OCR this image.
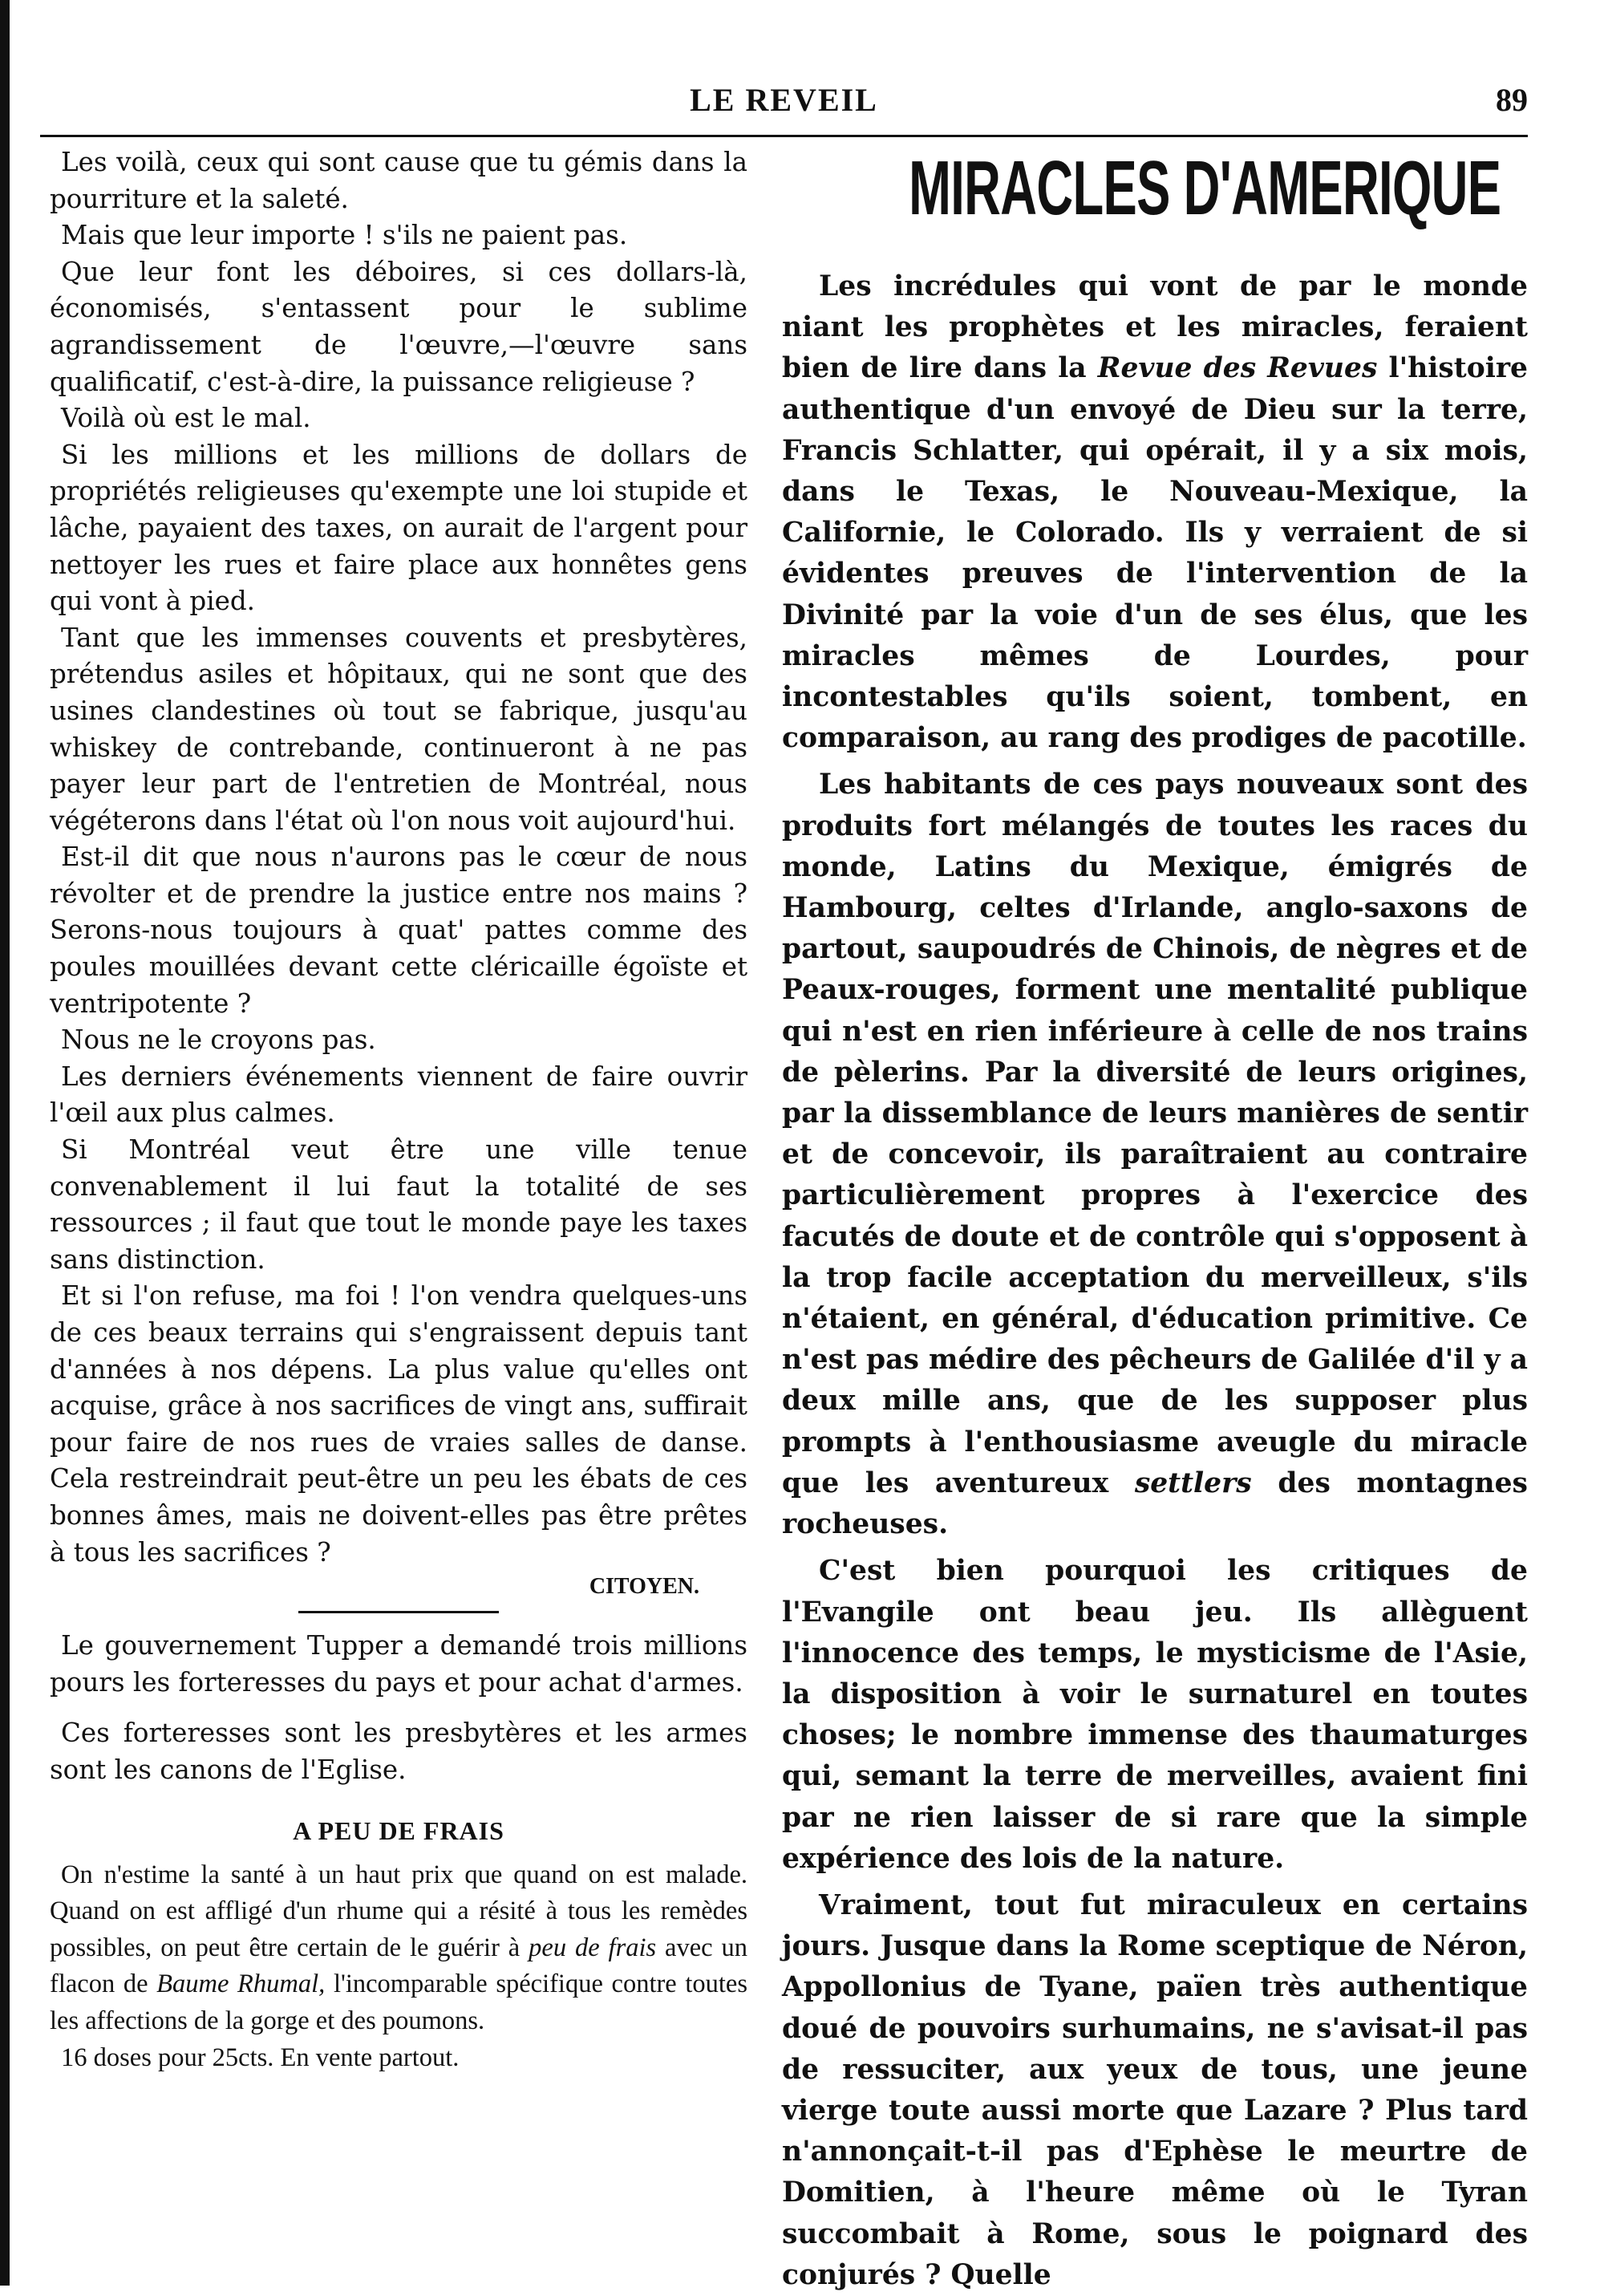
LE REVEIL	89

Les voilà, ceux qui sont cause que tu gémis dans la pourriture et la saleté.

Mais que leur importe ! s'ils ne paient pas.

Que leur font les déboires, si ces dollars-là, économisés, s'entassent pour le sublime agrandissement de l'œuvre,—l'œuvre sans qualificatif, c'est-à-dire, la puissance religieuse ?

Voilà où est le mal.

Si les millions et les millions de dollars de propriétés religieuses qu'exempte une loi stupide et lâche, payaient des taxes, on aurait de l'argent pour nettoyer les rues et faire place aux honnêtes gens qui vont à pied.

Tant que les immenses couvents et presbytères, prétendus asiles et hôpitaux, qui ne sont que des usines clandestines où tout se fabrique, jusqu'au whiskey de contrebande, continueront à ne pas payer leur part de l'entretien de Montréal, nous végéterons dans l'état où l'on nous voit aujourd'hui.

Est-il dit que nous n'aurons pas le cœur de nous révolter et de prendre la justice entre nos mains ? Serons-nous toujours à quat' pattes comme des poules mouillées devant cette cléricaille égoïste et ventripotente ?

Nous ne le croyons pas.

Les derniers événements viennent de faire ouvrir l'œil aux plus calmes.

Si Montréal veut être une ville tenue convenablement il lui faut la totalité de ses ressources ; il faut que tout le monde paye les taxes sans distinction.

Et si l'on refuse, ma foi ! l'on vendra quelques-uns de ces beaux terrains qui s'engraissent depuis tant d'années à nos dépens. La plus value qu'elles ont acquise, grâce à nos sacrifices de vingt ans, suffirait pour faire de nos rues de vraies salles de danse. Cela restreindrait peut-être un peu les ébats de ces bonnes âmes, mais ne doivent-elles pas être prêtes à tous les sacrifices ?

CITOYEN.

Le gouvernement Tupper a demandé trois millions pours les forteresses du pays et pour achat d'armes.

Ces forteresses sont les presbytères et les armes sont les canons de l'Eglise.

A PEU DE FRAIS

On n'estime la santé à un haut prix que quand on est malade. Quand on est affligé d'un rhume qui a résité à tous les remèdes possibles, on peut être certain de le guérir à peu de frais avec un flacon de Baume Rhumal, l'incomparable spécifique contre toutes les affections de la gorge et des poumons.

16 doses pour 25cts. En vente partout.

MIRACLES D'AMERIQUE

Les incrédules qui vont de par le monde niant les prophètes et les miracles, feraient bien de lire dans la Revue des Revues l'histoire authentique d'un envoyé de Dieu sur la terre, Francis Schlatter, qui opérait, il y a six mois, dans le Texas, le Nouveau-Mexique, la Californie, le Colorado. Ils y verraient de si évidentes preuves de l'intervention de la Divinité par la voie d'un de ses élus, que les miracles mêmes de Lourdes, pour incontestables qu'ils soient, tombent, en comparaison, au rang des prodiges de pacotille.

Les habitants de ces pays nouveaux sont des produits fort mélangés de toutes les races du monde, Latins du Mexique, émigrés de Hambourg, celtes d'Irlande, anglo-saxons de partout, saupoudrés de Chinois, de nègres et de Peaux-rouges, forment une mentalité publique qui n'est en rien inférieure à celle de nos trains de pèlerins. Par la diversité de leurs origines, par la dissemblance de leurs manières de sentir et de concevoir, ils paraîtraient au contraire particulièrement propres à l'exercice des facutés de doute et de contrôle qui s'opposent à la trop facile acceptation du merveilleux, s'ils n'étaient, en général, d'éducation primitive. Ce n'est pas médire des pêcheurs de Galilée d'il y a deux mille ans, que de les supposer plus prompts à l'enthousiasme aveugle du miracle que les aventureux settlers des montagnes rocheuses.

C'est bien pourquoi les critiques de l'Evangile ont beau jeu. Ils allèguent l'innocence des temps, le mysticisme de l'Asie, la disposition à voir le surnaturel en toutes choses; le nombre immense des thaumaturges qui, semant la terre de merveilles, avaient fini par ne rien laisser de si rare que la simple expérience des lois de la nature.

Vraiment, tout fut miraculeux en certains jours. Jusque dans la Rome sceptique de Néron, Appollonius de Tyane, païen très authentique doué de pouvoirs surhumains, ne s'avisat-il pas de ressuciter, aux yeux de tous, une jeune vierge toute aussi morte que Lazare ? Plus tard n'annonçait-t-il pas d'Ephèse le meurtre de Domitien, à l'heure même où le Tyran succombait à Rome, sous le poignard des conjurés ? Quelle
